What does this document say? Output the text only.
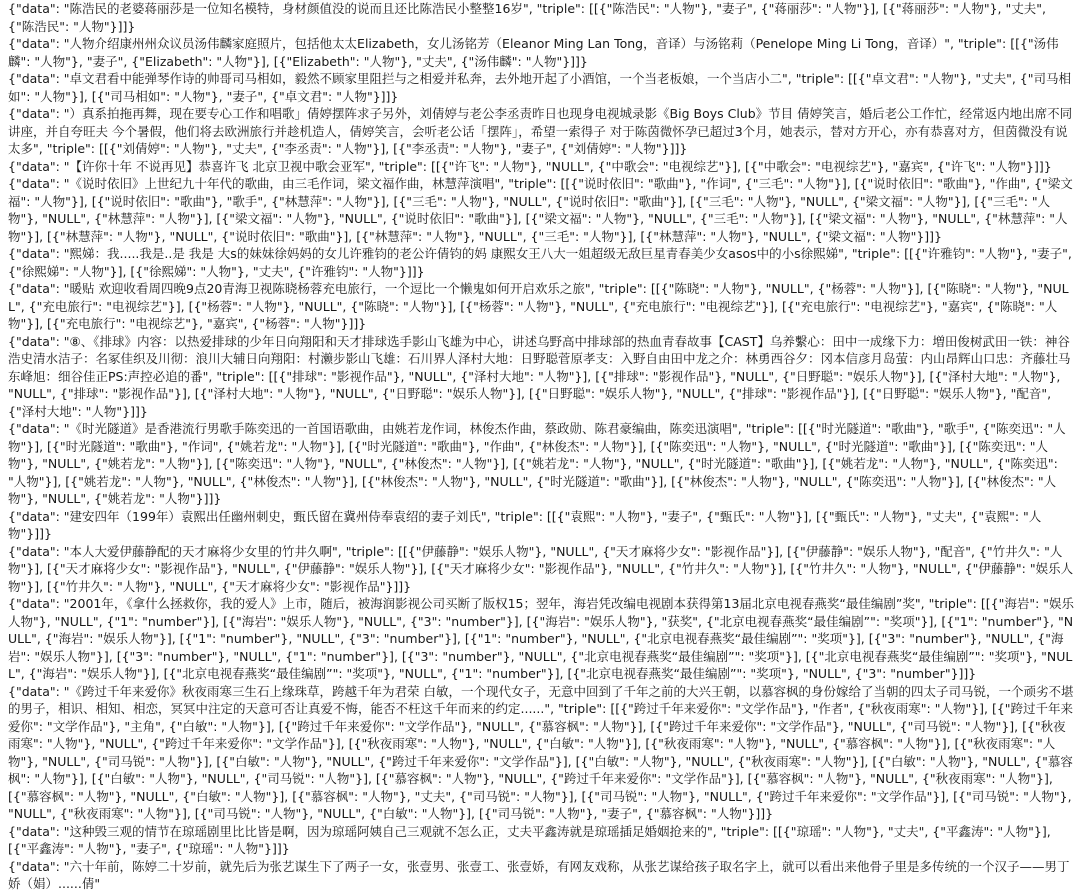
{"data": "陈浩民的老婆蒋丽莎是一位知名模特，身材颜值没的说而且还比陈浩民小整整16岁", "triple": [[{"陈浩民": "人物"}, "妻子", {"蒋丽莎": "人物"}], [{"蒋丽莎": "人物"}, "丈夫", {"陈浩民": "人物"}]]}

{"data": "人物介绍康州州众议员汤伟麟家庭照片，包括他太太Elizabeth，女儿汤铭芳（Eleanor Ming Lan Tong，音译）与汤铭莉（Penelope Ming Li Tong，音译）", "triple": [[{"汤伟麟": "人物"}, "妻子", {"Elizabeth": "人物"}], [{"Elizabeth": "人物"}, "丈夫", {"汤伟麟": "人物"}]]}

{"data": "卓文君看中能弹琴作诗的帅哥司马相如，毅然不顾家里阻拦与之相爱并私奔，去外地开起了小酒馆，一个当老板娘，一个当店小二", "triple": [[{"卓文君": "人物"}, "丈夫", {"司马相如": "人物"}], [{"司马相如": "人物"}, "妻子", {"卓文君": "人物"}]]}

{"data": "）真系拍拖再舞，现在要专心工作和唱歌」倩婷摆阵求子另外，刘倩婷与老公李丞责昨日也现身电视城录影《Big Boys Club》节目 倩婷笑言，婚后老公工作忙，经常返内地出席不同讲座，并自夸旺夫 今个暑假，他们将去欧洲旅行并趁机造人，倩婷笑言，会听老公话「摆阵」，希望一索得子 对于陈茵微怀孕已超过3个月，她表示，替对方开心，亦有恭喜对方，但茵微没有说太多", "triple": [[{"刘倩婷": "人物"}, "丈夫", {"李丞责": "人物"}], [{"李丞责": "人物"}, "妻子", {"刘倩婷": "人物"}]]}

{"data": "【许你十年 不说再见】恭喜许飞 北京卫视中歌会亚军", "triple": [[{"许飞": "人物"}, "NULL", {"中歌会": "电视综艺"}], [{"中歌会": "电视综艺"}, "嘉宾", {"许飞": "人物"}]]}

{"data": "《说时依旧》上世纪九十年代的歌曲，由三毛作词，梁文福作曲，林慧萍演唱", "triple": [[{"说时依旧": "歌曲"}, "作词", {"三毛": "人物"}], [{"说时依旧": "歌曲"}, "作曲", {"梁文福": "人物"}], [{"说时依旧": "歌曲"}, "歌手", {"林慧萍": "人物"}], [{"三毛": "人物"}, "NULL", {"说时依旧": "歌曲"}], [{"三毛": "人物"}, "NULL", {"梁文福": "人物"}], [{"三毛": "人物"}, "NULL", {"林慧萍": "人物"}], [{"梁文福": "人物"}, "NULL", {"说时依旧": "歌曲"}], [{"梁文福": "人物"}, "NULL", {"三毛": "人物"}], [{"梁文福": "人物"}, "NULL", {"林慧萍": "人物"}], [{"林慧萍": "人物"}, "NULL", {"说时依旧": "歌曲"}], [{"林慧萍": "人物"}, "NULL", {"三毛": "人物"}], [{"林慧萍": "人物"}, "NULL", {"梁文福": "人物"}]]}

{"data": "熙娣：我.....我是..是 我是 大s的妹妹徐妈妈的女儿许雅钧的老公许倩钧的妈 康熙女王八大一姐超级无敌巨星青春美少女asos中的小s徐熙娣", "triple": [[{"许雅钧": "人物"}, "妻子", {"徐熙娣": "人物"}], [{"徐熙娣": "人物"}, "丈夫", {"许雅钧": "人物"}]]}

{"data": "暖贴 欢迎收看周四晚9点20青海卫视陈晓杨蓉充电旅行，一个逗比一个懒鬼如何开启欢乐之旅", "triple": [[{"陈晓": "人物"}, "NULL", {"杨蓉": "人物"}], [{"陈晓": "人物"}, "NULL", {"充电旅行": "电视综艺"}], [{"杨蓉": "人物"}, "NULL", {"陈晓": "人物"}], [{"杨蓉": "人物"}, "NULL", {"充电旅行": "电视综艺"}], [{"充电旅行": "电视综艺"}, "嘉宾", {"陈晓": "人物"}], [{"充电旅行": "电视综艺"}, "嘉宾", {"杨蓉": "人物"}]]}

{"data": "⑧、《排球》内容：以热爱排球的少年日向翔阳和天才排球选手影山飞雄为中心，讲述乌野高中排球部的热血青春故事【CAST】乌养繫心：田中一成缘下力：増田俊树武田一铁：神谷浩史清水洁子：名冢佳织及川彻：浪川大辅日向翔阳：村濑步影山飞雄：石川界人泽村大地：日野聪菅原孝支：入野自由田中龙之介：林勇西谷夕：冈本信彦月岛萤：内山昂辉山口忠：齐藤壮马东峰旭：细谷佳正PS:声控必追的番", "triple": [[{"排球": "影视作品"}, "NULL", {"泽村大地": "人物"}], [{"排球": "影视作品"}, "NULL", {"日野聪": "娱乐人物"}], [{"泽村大地": "人物"}, "NULL", {"排球": "影视作品"}], [{"泽村大地": "人物"}, "NULL", {"日野聪": "娱乐人物"}], [{"日野聪": "娱乐人物"}, "NULL", {"排球": "影视作品"}], [{"日野聪": "娱乐人物"}, "配音", {"泽村大地": "人物"}]]}

{"data": "《时光隧道》是香港流行男歌手陈奕迅的一首国语歌曲，由姚若龙作词，林俊杰作曲，蔡政勋、陈君豪编曲，陈奕迅演唱", "triple": [[{"时光隧道": "歌曲"}, "歌手", {"陈奕迅": "人物"}], [{"时光隧道": "歌曲"}, "作词", {"姚若龙": "人物"}], [{"时光隧道": "歌曲"}, "作曲", {"林俊杰": "人物"}], [{"陈奕迅": "人物"}, "NULL", {"时光隧道": "歌曲"}], [{"陈奕迅": "人物"}, "NULL", {"姚若龙": "人物"}], [{"陈奕迅": "人物"}, "NULL", {"林俊杰": "人物"}], [{"姚若龙": "人物"}, "NULL", {"时光隧道": "歌曲"}], [{"姚若龙": "人物"}, "NULL", {"陈奕迅": "人物"}], [{"姚若龙": "人物"}, "NULL", {"林俊杰": "人物"}], [{"林俊杰": "人物"}, "NULL", {"时光隧道": "歌曲"}], [{"林俊杰": "人物"}, "NULL", {"陈奕迅": "人物"}], [{"林俊杰": "人物"}, "NULL", {"姚若龙": "人物"}]]}

{"data": "建安四年（199年）袁熙出任幽州刺史，甄氏留在冀州侍奉袁绍的妻子刘氏", "triple": [[{"袁熙": "人物"}, "妻子", {"甄氏": "人物"}], [{"甄氏": "人物"}, "丈夫", {"袁熙": "人物"}]]}

{"data": "本人大爱伊藤静配的天才麻将少女里的竹井久啊", "triple": [[{"伊藤静": "娱乐人物"}, "NULL", {"天才麻将少女": "影视作品"}], [{"伊藤静": "娱乐人物"}, "配音", {"竹井久": "人物"}], [{"天才麻将少女": "影视作品"}, "NULL", {"伊藤静": "娱乐人物"}], [{"天才麻将少女": "影视作品"}, "NULL", {"竹井久": "人物"}], [{"竹井久": "人物"}, "NULL", {"伊藤静": "娱乐人物"}], [{"竹井久": "人物"}, "NULL", {"天才麻将少女": "影视作品"}]]}

{"data": "2001年，《拿什么拯救你，我的爱人》上市，随后，被海润影视公司买断了版权15；翌年，海岩凭改编电视剧本获得第13届北京电视春燕奖“最佳编剧”奖", "triple": [[{"海岩": "娱乐人物"}, "NULL", {"1": "number"}], [{"海岩": "娱乐人物"}, "NULL", {"3": "number"}], [{"海岩": "娱乐人物"}, "获奖", {"北京电视春燕奖“最佳编剧”": "奖项"}], [{"1": "number"}, "NULL", {"海岩": "娱乐人物"}], [{"1": "number"}, "NULL", {"3": "number"}], [{"1": "number"}, "NULL", {"北京电视春燕奖“最佳编剧”": "奖项"}], [{"3": "number"}, "NULL", {"海岩": "娱乐人物"}], [{"3": "number"}, "NULL", {"1": "number"}], [{"3": "number"}, "NULL", {"北京电视春燕奖“最佳编剧”": "奖项"}], [{"北京电视春燕奖“最佳编剧”": "奖项"}, "NULL", {"海岩": "娱乐人物"}], [{"北京电视春燕奖“最佳编剧”": "奖项"}, "NULL", {"1": "number"}], [{"北京电视春燕奖“最佳编剧”": "奖项"}, "NULL", {"3": "number"}]]}

{"data": "《跨过千年来爱你》秋夜雨寒三生石上缘珠草，跨越千年为君荣 白敏，一个现代女子，无意中回到了千年之前的大兴王朝，以慕容枫的身份嫁给了当朝的四太子司马锐，一个顽劣不堪的男子，相识、相知、相恋，冥冥中注定的天意可否让真爱不悔，能否不枉这千年而来的约定......", "triple": [[{"跨过千年来爱你": "文学作品"}, "作者", {"秋夜雨寒": "人物"}], [{"跨过千年来爱你": "文学作品"}, "主角", {"白敏": "人物"}], [{"跨过千年来爱你": "文学作品"}, "NULL", {"慕容枫": "人物"}], [{"跨过千年来爱你": "文学作品"}, "NULL", {"司马锐": "人物"}], [{"秋夜雨寒": "人物"}, "NULL", {"跨过千年来爱你": "文学作品"}], [{"秋夜雨寒": "人物"}, "NULL", {"白敏": "人物"}], [{"秋夜雨寒": "人物"}, "NULL", {"慕容枫": "人物"}], [{"秋夜雨寒": "人物"}, "NULL", {"司马锐": "人物"}], [{"白敏": "人物"}, "NULL", {"跨过千年来爱你": "文学作品"}], [{"白敏": "人物"}, "NULL", {"秋夜雨寒": "人物"}], [{"白敏": "人物"}, "NULL", {"慕容枫": "人物"}], [{"白敏": "人物"}, "NULL", {"司马锐": "人物"}], [{"慕容枫": "人物"}, "NULL", {"跨过千年来爱你": "文学作品"}], [{"慕容枫": "人物"}, "NULL", {"秋夜雨寒": "人物"}], [{"慕容枫": "人物"}, "NULL", {"白敏": "人物"}], [{"慕容枫": "人物"}, "丈夫", {"司马锐": "人物"}], [{"司马锐": "人物"}, "NULL", {"跨过千年来爱你": "文学作品"}], [{"司马锐": "人物"}, "NULL", {"秋夜雨寒": "人物"}], [{"司马锐": "人物"}, "NULL", {"白敏": "人物"}], [{"司马锐": "人物"}, "妻子", {"慕容枫": "人物"}]]}

{"data": "这种毁三观的情节在琼瑶剧里比比皆是啊，因为琼瑶阿姨自己三观就不怎么正，丈夫平鑫涛就是琼瑶插足婚姻抢来的", "triple": [[{"琼瑶": "人物"}, "丈夫", {"平鑫涛": "人物"}], [{"平鑫涛": "人物"}, "妻子", {"琼瑶": "人物"}]]}

{"data": "六十年前，陈婷二十岁前，就先后为张艺谋生下了两子一女，张壹男、张壹工、张壹娇，有网友戏称，从张艺谋给孩子取名字上，就可以看出来他骨子里是多传统的一个汉子——男丁娇（娟）......倩"
